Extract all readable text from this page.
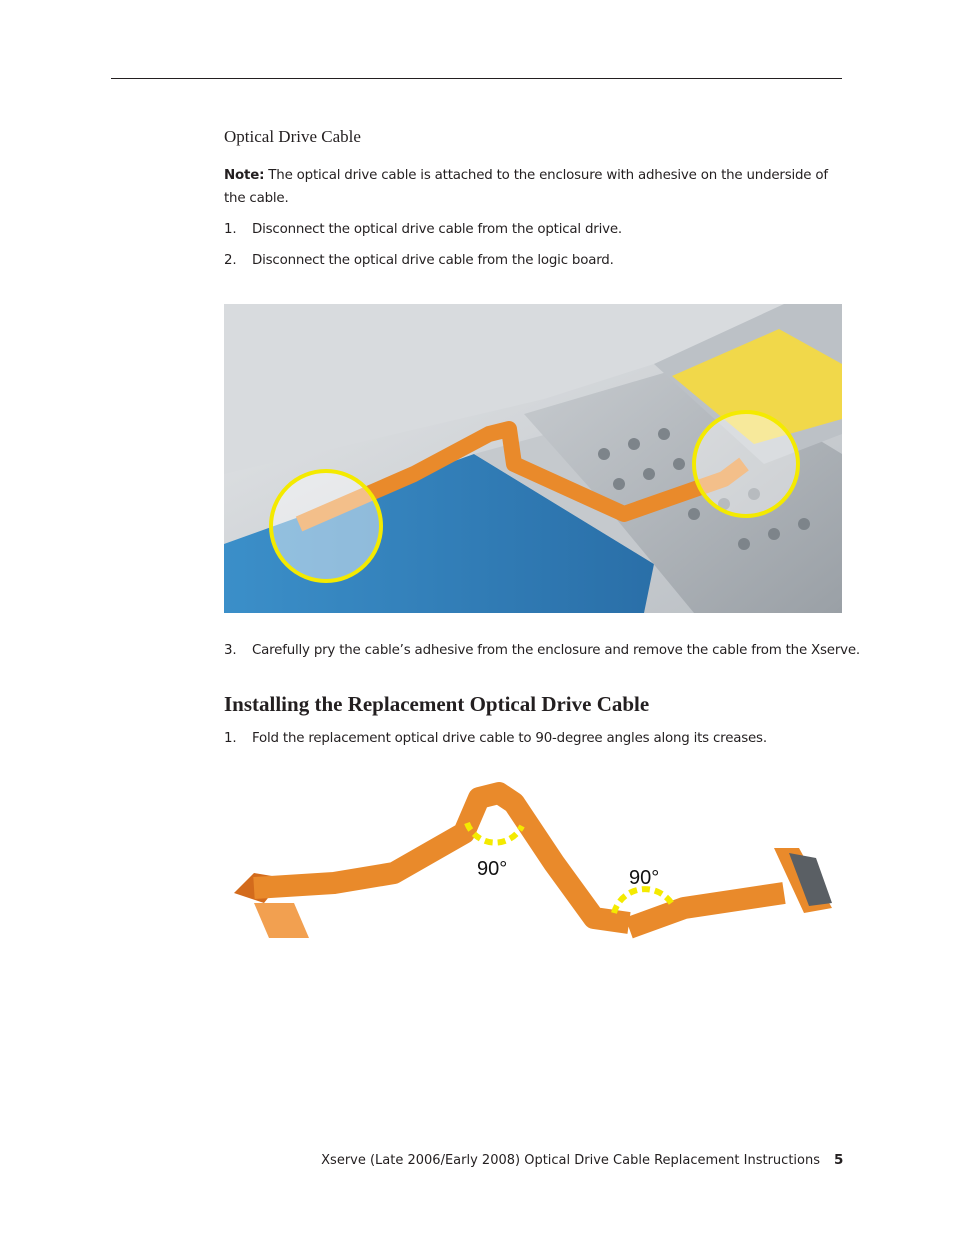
Optical Drive Cable
Note: The optical drive cable is attached to the enclosure with adhesive on the underside of the cable.
1. Disconnect the optical drive cable from the optical drive.
2. Disconnect the optical drive cable from the logic board.
3. Carefully pry the cable’s adhesive from the enclosure and remove the cable from the Xserve.
Installing the Replacement Optical Drive Cable
1. Fold the replacement optical drive cable to 90-degree angles along its creases.
90°	90°
Xserve (Late 2006/Early 2008) Optical Drive Cable Replacement Instructions 5
